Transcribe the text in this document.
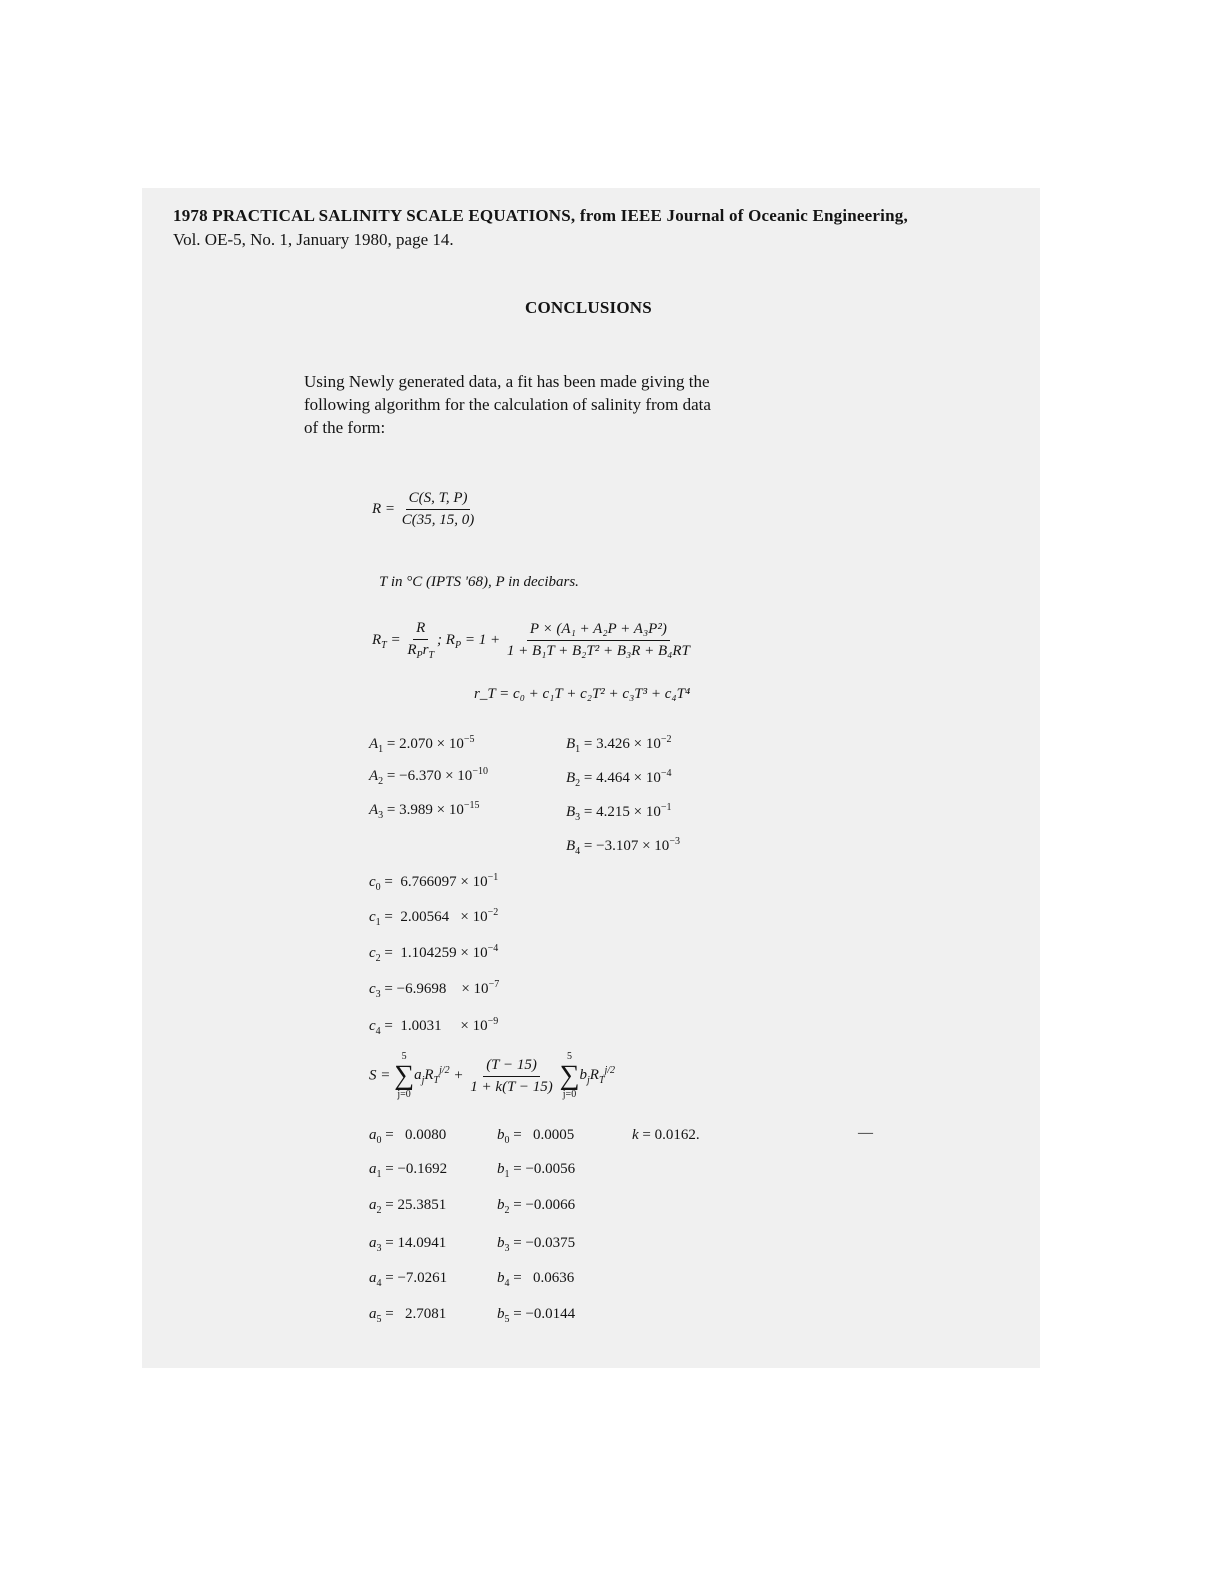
1978 PRACTICAL SALINITY SCALE EQUATIONS, from IEEE Journal of Oceanic Engineering,
Vol. OE-5, No. 1, January 1980, page 14.
CONCLUSIONS
Using Newly generated data, a fit has been made giving the
following algorithm for the calculation of salinity from data
of the form:
$R = \frac{C(S, T, P)}{C(35, 15, 0)}$
T in °C (IPTS '68), P in decibars.
$R_T = \frac{R}{R_Pr_T}$ ; $R_P = 1 + \frac{\text{P × (A₁ + A₂P + A₃P²)}}{\text{1 + B₁T + B₂T² + B₃R + B₄RT}}$
r_T = c₀ + c₁T + c₂T² + c₃T³ + c₄T⁴
$A_1 = 2.070 \times 10^{-5}$
$A_2 = -6.370 \times 10^{-10}$
$A_3 = 3.989 \times 10^{-15}$
$B_1 = 3.426 \times 10^{-2}$
$B_2 = 4.464 \times 10^{-4}$
$B_3 = 4.215 \times 10^{-1}$
$B_4 = -3.107 \times 10^{-3}$
$c_0 = 6.766097 \times 10^{-1}$
$c_1 = 2.00564 \times 10^{-2}$
$c_2 = 1.104259 \times 10^{-4}$
$c_3 = -6.9698$    × $10^{-7}$
$c_4 = 1.0031$     × $10^{-9}$
S =
5
∑
j=0
$a_jR_T^{j/2} + \frac{(T - 15)}{1 + k(T - 15)}$
5
∑
j=0
$b_jR_T^{j/2}$
$a_0 = 0.0080$
$a_1 = -0.1692$
$a_2 = 25.3851$
$a_3 = 14.0941$
$a_4 = -7.0261$
$a_5 = 2.7081$
$b_0 = 0.0005$
$b_1 = -0.0056$
$b_2 = -0.0066$
$b_3 = -0.0375$
$b_4 = 0.0636$
$b_5 = -0.0144$
k = 0.0162.	—
